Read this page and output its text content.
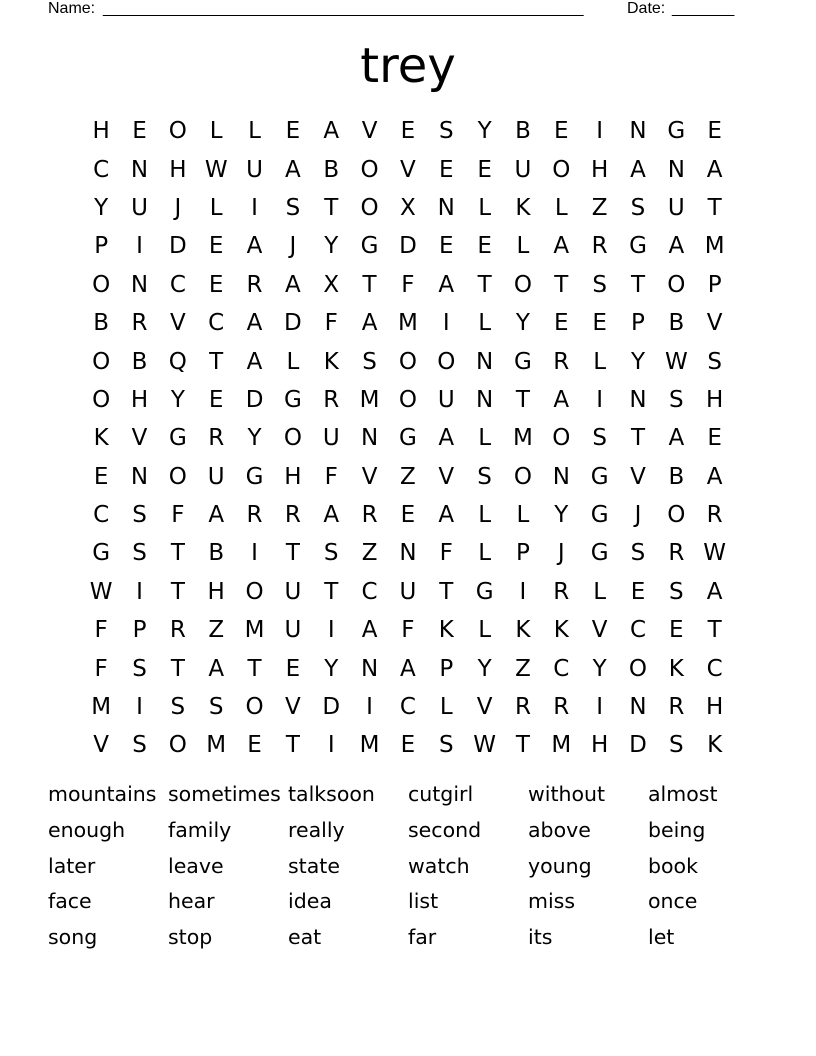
Name: ______________________________________________________	Date: _______
trey
H E O L	L	E	A V	E	S	Y	B	E	I	N G E
C N H W U A B O V	E	E U O H A N A
Y U	J	L	I	S	T O X N	L	K	L	Z	S U T
P	I	D E	A	J	Y G D E	E	L	A R G A M
O N C	E	R A X	T	F	A	T O T	S	T O P
B R V C A D F	A M	I	L	Y	E	E	P	B V
O B Q T	A	L	K	S O O N G R	L	Y W S
O H Y	E D G R M O U N T	A	I	N S H
K V G R	Y O U N G A	L M O S	T	A	E
E N O U G H	F	V Z V	S O N G V B A
C	S	F	A R R A R	E	A	L	L	Y G	J	O R
G S	T	B	I	T	S	Z N	F	L	P	J	G S	R W
W	I	T H O U T	C U T G	I	R	L	E	S	A
F	P	R Z M U	I	A	F	K	L	K	K V C	E	T
F	S	T	A	T	E	Y N A	P	Y	Z C	Y O K C
M	I	S	S O V D	I	C	L	V R R	I	N R H
V	S O M E	T	I	M E	S W T M H D S	K
mountains sometimes talksoon	cutgirl	without	almost
enough	family	really	second	above	being
later	leave	state	watch	young	book
face	hear	idea	list	miss	once
song	stop	eat	far	its	let
